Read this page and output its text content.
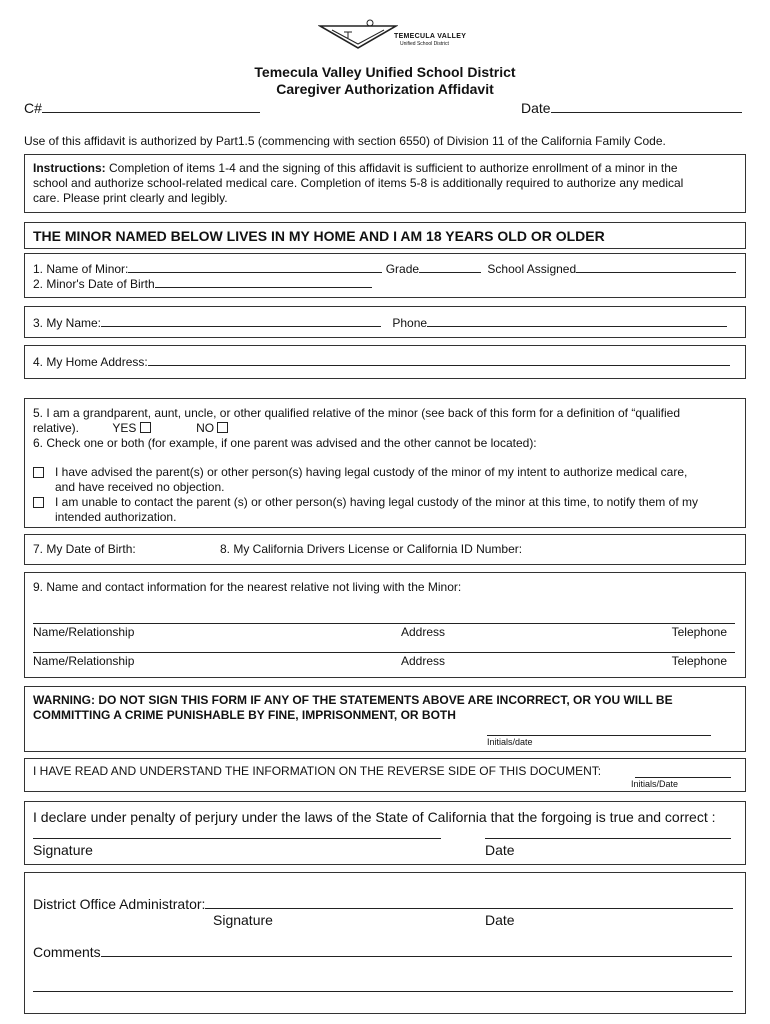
TEMECULA VALLEY
Unified School District
Temecula Valley Unified School District
Caregiver Authorization Affidavit
C#	Date
Use of this affidavit is authorized by Part1.5 (commencing with section 6550) of Division 11 of the California Family Code.
Instructions: Completion of items 1-4 and the signing of this affidavit is sufficient to authorize enrollment of a minor in the
school and authorize school-related medical care. Completion of items 5-8 is additionally required to authorize any medical
care. Please print clearly and legibly.
THE MINOR NAMED BELOW LIVES IN MY HOME AND I AM 18 YEARS OLD OR OLDER
1. Name of Minor:	Grade	School Assigned
2. Minor's Date of Birth
3. My Name:	Phone
4. My Home Address:
5. I am a grandparent, aunt, uncle, or other qualified relative of the minor (see back of this form for a definition of “qualified
relative).	YES	NO
6. Check one or both (for example, if one parent was advised and the other cannot be located):
I have advised the parent(s) or other person(s) having legal custody of the minor of my intent to authorize medical care,
and have received no objection.
I am unable to contact the parent (s) or other person(s) having legal custody of the minor at this time, to notify them of my
intended authorization.
7. My Date of Birth:	8. My California Drivers License or California ID Number:
9. Name and contact information for the nearest relative not living with the Minor:
Name/Relationship	Address	Telephone
Name/Relationship	Address	Telephone
WARNING: DO NOT SIGN THIS FORM IF ANY OF THE STATEMENTS ABOVE ARE INCORRECT, OR YOU WILL BE
COMMITTING A CRIME PUNISHABLE BY FINE, IMPRISONMENT, OR BOTH
Initials/date
I HAVE READ AND UNDERSTAND THE INFORMATION ON THE REVERSE SIDE OF THIS DOCUMENT:
Initials/Date
I declare under penalty of perjury under the laws of the State of California that the forgoing is true and correct :
Signature	Date
District Office Administrator:
Signature	Date
Comments
